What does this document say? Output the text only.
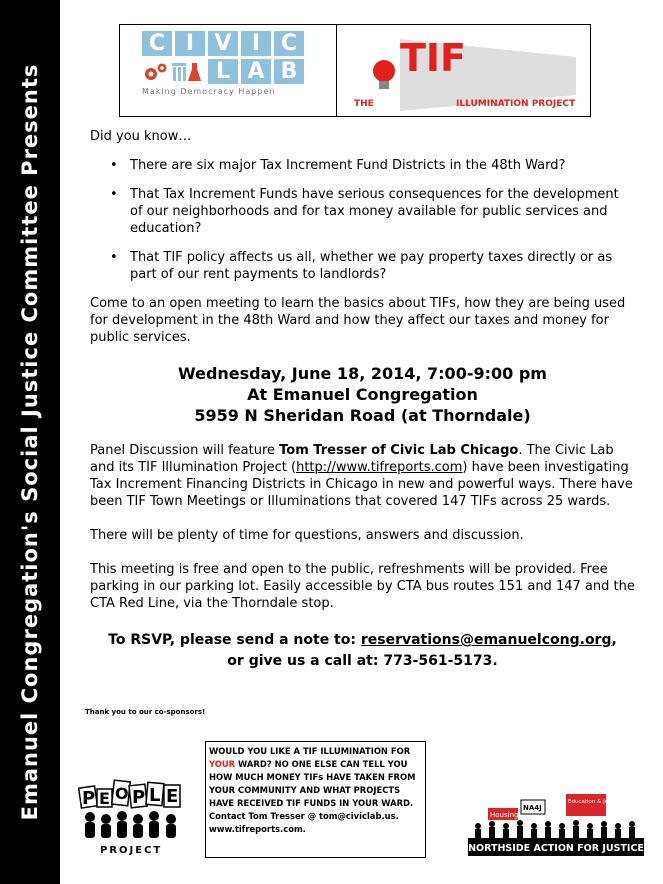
Emanuel Congregation's Social Justice Committee Presents
C I V I C
L A B
Making Democracy Happen
TIF
THE	ILLUMINATION PROJECT

Did you know…

• There are six major Tax Increment Fund Districts in the 48th Ward?
• That Tax Increment Funds have serious consequences for the development of our neighborhoods and for tax money available for public services and education?
• That TIF policy affects us all, whether we pay property taxes directly or as part of our rent payments to landlords?

Come to an open meeting to learn the basics about TIFs, how they are being used for development in the 48th Ward and how they affect our taxes and money for public services.

Wednesday, June 18, 2014, 7:00-9:00 pm
At Emanuel Congregation
5959 N Sheridan Road (at Thorndale)

Panel Discussion will feature Tom Tresser of Civic Lab Chicago. The Civic Lab and its TIF Illumination Project (http://www.tifreports.com) have been investigating Tax Increment Financing Districts in Chicago in new and powerful ways. There have been TIF Town Meetings or Illuminations that covered 147 TIFs across 25 wards.

There will be plenty of time for questions, answers and discussion.

This meeting is free and open to the public, refreshments will be provided. Free parking in our parking lot. Easily accessible by CTA bus routes 151 and 147 and the CTA Red Line, via the Thorndale stop.

To RSVP, please send a note to: reservations@emanuelcong.org,
or give us a call at: 773-561-5173.
Thank you to our co-sponsors!
P E O P L E
PROJECT
WOULD YOU LIKE A TIF ILLUMINATION FOR YOUR WARD? NO ONE ELSE CAN TELL YOU HOW MUCH MONEY TIFs HAVE TAKEN FROM YOUR COMMUNITY AND WHAT PROJECTS HAVE RECEIVED TIF FUNDS IN YOUR WARD. Contact Tom Tresser @ tom@civiclab.us. www.tifreports.com.
Housing
NA4J
Education & Jobs
NORTHSIDE ACTION FOR JUSTICE
